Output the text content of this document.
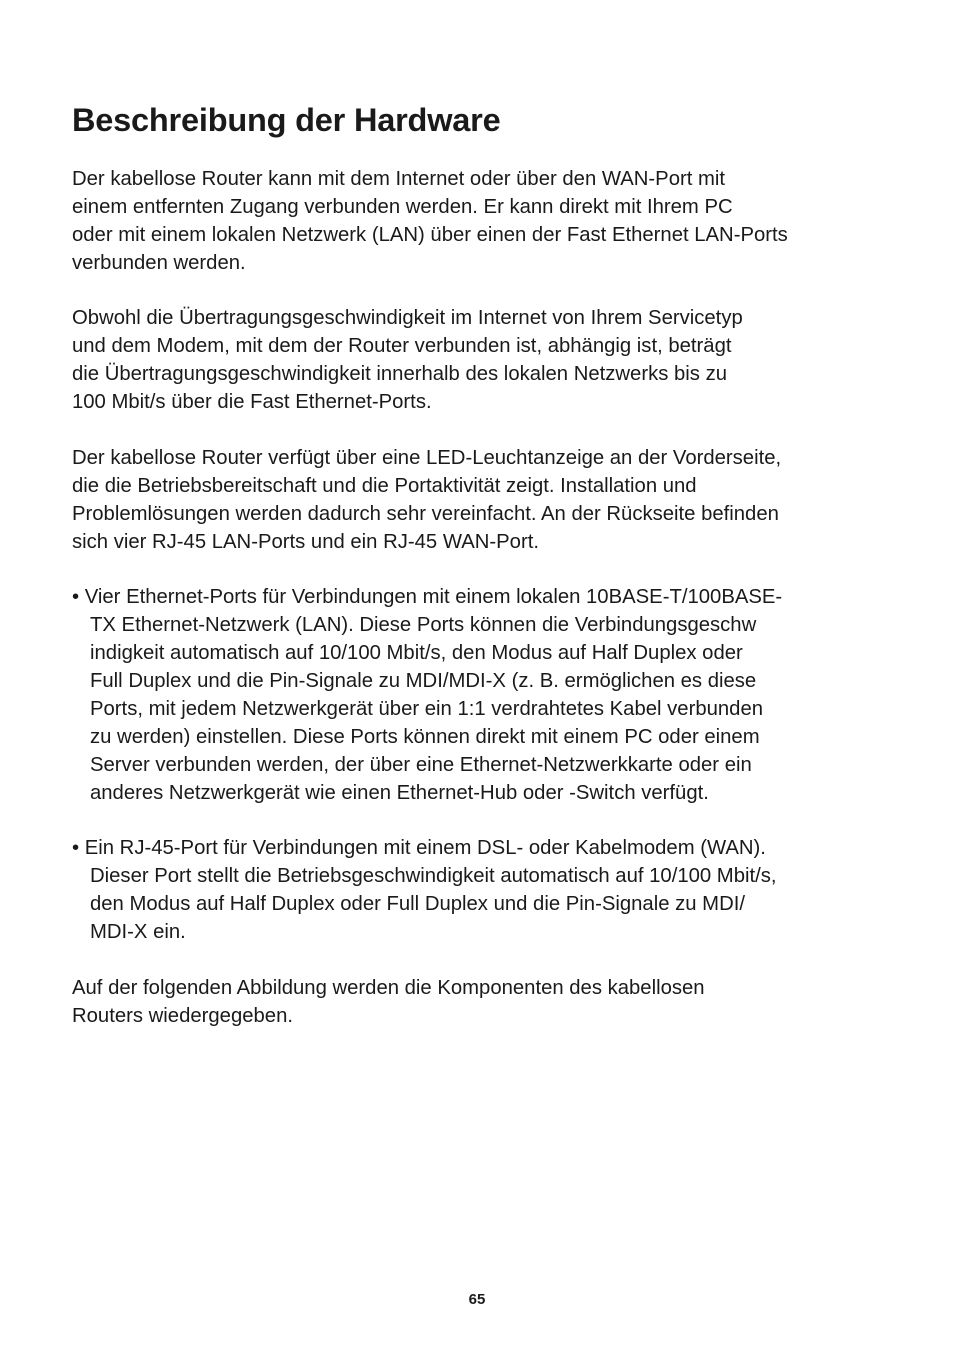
Beschreibung der Hardware
Der kabellose Router kann mit dem Internet oder über den WAN-Port mit
einem entfernten Zugang verbunden werden. Er kann direkt mit Ihrem PC
oder mit einem lokalen Netzwerk (LAN) über einen der Fast Ethernet LAN-Ports
verbunden werden.
Obwohl die Übertragungsgeschwindigkeit im Internet von Ihrem Servicetyp
und dem Modem, mit dem der Router verbunden ist, abhängig ist, beträgt
die Übertragungsgeschwindigkeit innerhalb des lokalen Netzwerks bis zu
100 Mbit/s über die Fast Ethernet-Ports.
Der kabellose Router verfügt über eine LED-Leuchtanzeige an der Vorderseite,
die die Betriebsbereitschaft und die Portaktivität zeigt. Installation und
Problemlösungen werden dadurch sehr vereinfacht. An der Rückseite befinden
sich vier RJ-45 LAN-Ports und ein RJ-45 WAN-Port.
• Vier Ethernet-Ports für Verbindungen mit einem lokalen 10BASE-T/100BASE-
TX Ethernet-Netzwerk (LAN). Diese Ports können die Verbindungsgeschw
indigkeit automatisch auf 10/100 Mbit/s, den Modus auf Half Duplex oder
Full Duplex und die Pin-Signale zu MDI/MDI-X (z. B. ermöglichen es diese
Ports, mit jedem Netzwerkgerät über ein 1:1 verdrahtetes Kabel verbunden
zu werden) einstellen. Diese Ports können direkt mit einem PC oder einem
Server verbunden werden, der über eine Ethernet-Netzwerkkarte oder ein
anderes Netzwerkgerät wie einen Ethernet-Hub oder -Switch verfügt.
• Ein RJ-45-Port für Verbindungen mit einem DSL- oder Kabelmodem (WAN).
Dieser Port stellt die Betriebsgeschwindigkeit automatisch auf 10/100 Mbit/s,
den Modus auf Half Duplex oder Full Duplex und die Pin-Signale zu MDI/
MDI-X ein.
Auf der folgenden Abbildung werden die Komponenten des kabellosen
Routers wiedergegeben.
65
